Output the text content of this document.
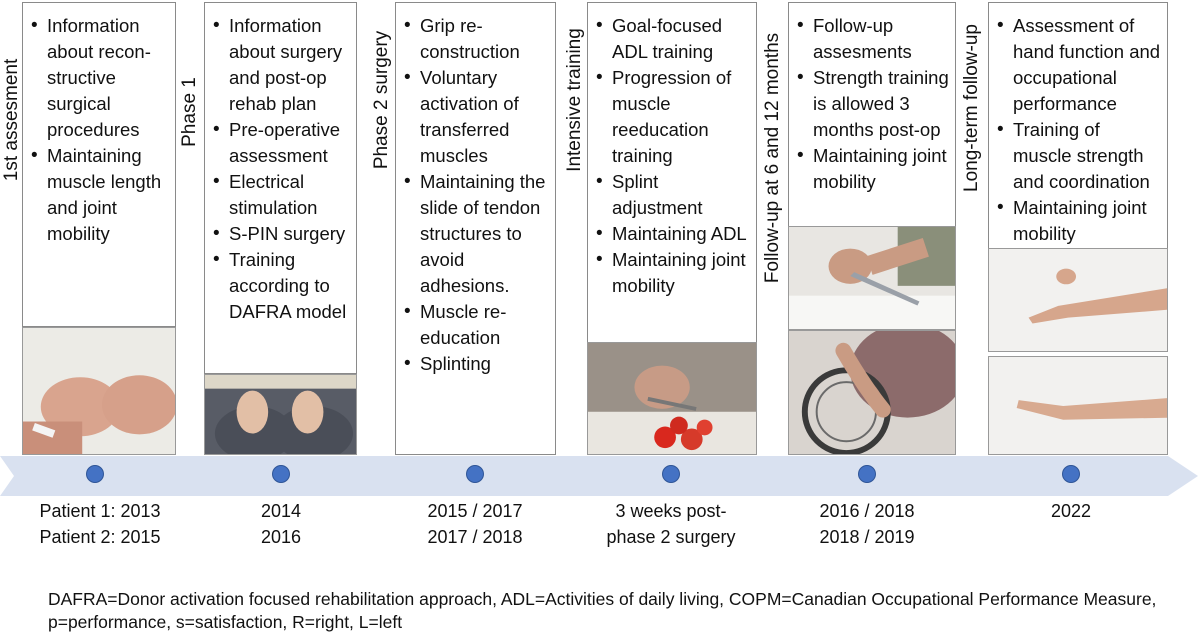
1st assesment
• Information about recon-structive surgical procedures
• Maintaining muscle length and joint mobility
Phase 1
• Information about surgery and post-op rehab plan
• Pre-operative assessment
• Electrical stimulation
• S-PIN surgery
• Training according to DAFRA model
Phase 2 surgery
• Grip re-construction
• Voluntary activation of transferred muscles
• Maintaining the slide of tendon structures to avoid adhesions.
• Muscle re-education
• Splinting
Intensive training
• Goal-focused ADL training
• Progression of muscle reeducation training
• Splint adjustment
• Maintaining ADL
• Maintaining joint mobility
Follow-up at 6 and 12 months
• Follow-up assesments
• Strength training is allowed 3 months post-op
• Maintaining joint mobility	Long-term follow-up
•	Assessment of hand function and occupational performance
• Training of muscle strength and coordination
• Maintaining joint mobility
Patient 1: 2013
Patient 2: 2015
2014
2016
2015 / 2017
2017 / 2018
3 weeks post-
phase 2 surgery
2016 / 2018
2018 / 2019
2022
DAFRA=Donor activation focused rehabilitation approach, ADL=Activities of daily living, COPM=Canadian Occupational Performance Measure, p=performance, s=satisfaction, R=right, L=left
